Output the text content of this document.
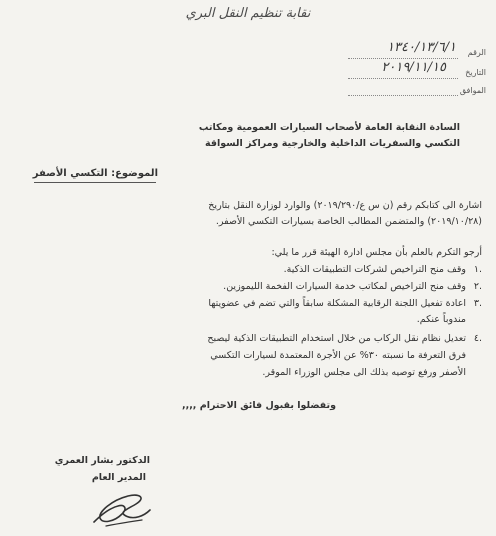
نقابة تنظيم النقل البري
الرقم
١٣٤٠/١٣/٦/١
التاريخ
٢٠١٩/١١/١٥
الموافق
السادة النقابة العامة لأصحاب السيارات العمومية ومكاتب
التكسي والسفريات الداخلية والخارجية ومراكز السواقة
الموضوع: التكسي الأصفر
اشارة الى كتابكم رقم (ن س ع/٢٠١٩/٢٩٠) والوارد لوزارة النقل بتاريخ
(٢٠١٩/١٠/٢٨) والمتضمن المطالب الخاصة بسيارات التكسي الأصفر.
أرجو التكرم بالعلم بأن مجلس ادارة الهيئة قرر ما يلي:
.١
وقف منح التراخيص لشركات التطبيقات الذكية.
.٢
وقف منح التراخيص لمكاتب خدمة السيارات الفخمة الليموزين.
.٣
اعادة تفعيل اللجنة الرقابية المشكلة سابقاً والتي تضم في عضويتها
مندوباً عنكم.
.٤
تعديل نظام نقل الركاب من خلال استخدام التطبيقات الذكية ليصبح
فرق التعرفة ما نسبته ٣٠% عن الأجرة المعتمدة لسيارات التكسي
الأصفر ورفع توصيه بذلك الى مجلس الوزراء الموقر.
وتفضلوا بقبول فائق الاحترام ,,,,
الدكتور بشار العمري
المدير العام
